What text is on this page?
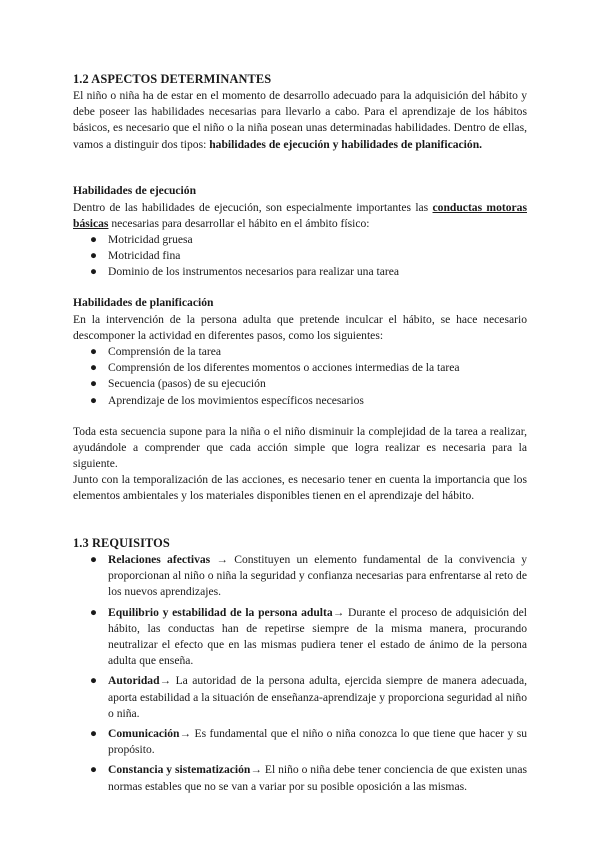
1.2 ASPECTOS DETERMINANTES

El niño o niña ha de estar en el momento de desarrollo adecuado para la adquisición del hábito y debe poseer las habilidades necesarias para llevarlo a cabo. Para el aprendizaje de los hábitos básicos, es necesario que el niño o la niña posean unas determinadas habilidades. Dentro de ellas, vamos a distinguir dos tipos: habilidades de ejecución y habilidades de planificación.

Habilidades de ejecución

Dentro de las habilidades de ejecución, son especialmente importantes las conductas motoras básicas necesarias para desarrollar el hábito en el ámbito físico:

● Motricidad gruesa
● Motricidad fina
● Dominio de los instrumentos necesarios para realizar una tarea
Habilidades de planificación

En la intervención de la persona adulta que pretende inculcar el hábito, se hace necesario descomponer la actividad en diferentes pasos, como los siguientes:

● Comprensión de la tarea
● Comprensión de los diferentes momentos o acciones intermedias de la tarea
● Secuencia (pasos) de su ejecución
● Aprendizaje de los movimientos específicos necesarios

Toda esta secuencia supone para la niña o el niño disminuir la complejidad de la tarea a realizar, ayudándole a comprender que cada acción simple que logra realizar es necesaria para la siguiente.

Junto con la temporalización de las acciones, es necesario tener en cuenta la importancia que los elementos ambientales y los materiales disponibles tienen en el aprendizaje del hábito.

1.3 REQUISITOS
● Relaciones afectivas → Constituyen un elemento fundamental de la convivencia y proporcionan al niño o niña la seguridad y confianza necesarias para enfrentarse al reto de los nuevos aprendizajes.
● Equilibrio y estabilidad de la persona adulta→ Durante el proceso de adquisición del hábito, las conductas han de repetirse siempre de la misma manera, procurando neutralizar el efecto que en las mismas pudiera tener el estado de ánimo de la persona adulta que enseña.
● Autoridad→ La autoridad de la persona adulta, ejercida siempre de manera adecuada, aporta estabilidad a la situación de enseñanza-aprendizaje y proporciona seguridad al niño o niña.
● Comunicación→ Es fundamental que el niño o niña conozca lo que tiene que hacer y su propósito.
● Constancia y sistematización→ El niño o niña debe tener conciencia de que existen unas normas estables que no se van a variar por su posible oposición a las mismas.
